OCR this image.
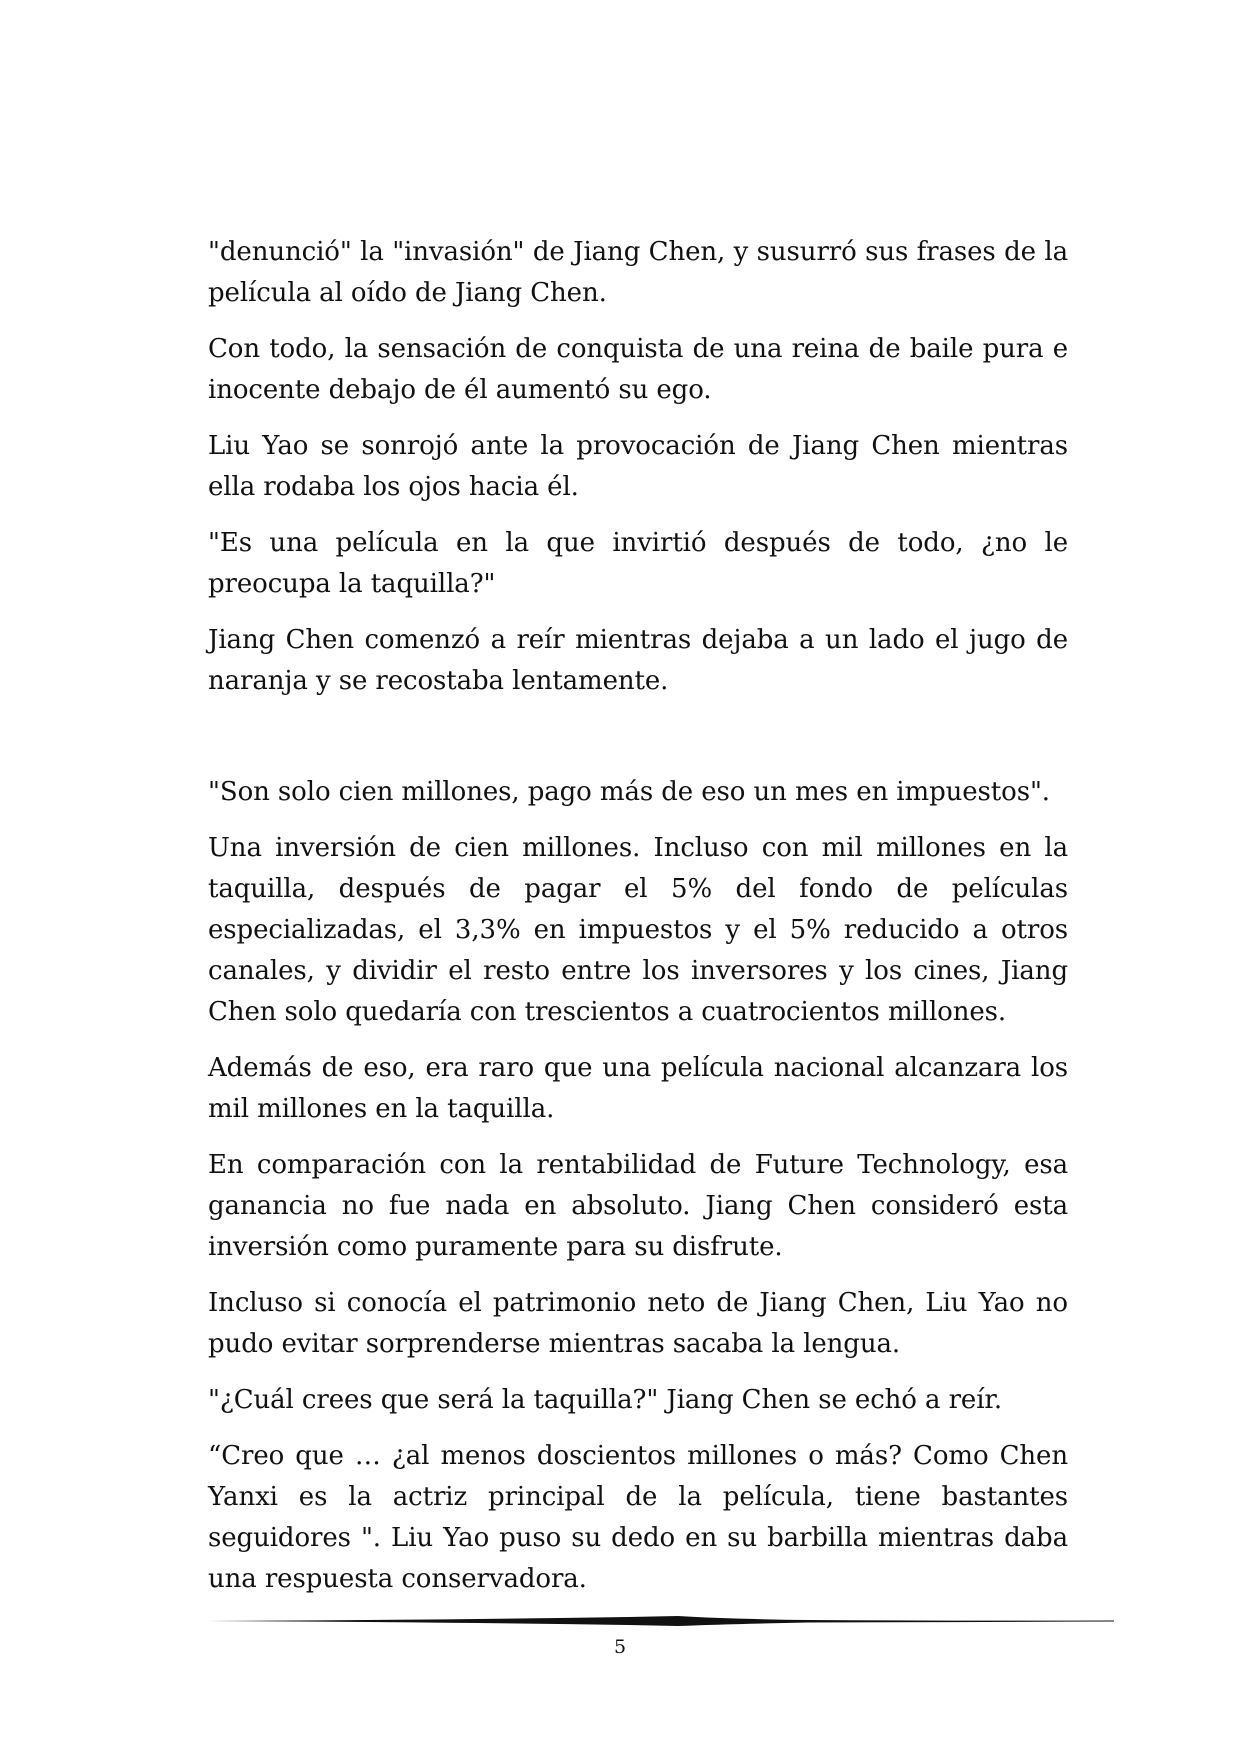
"denunció" la "invasión" de Jiang Chen, y susurró sus frases de la película al oído de Jiang Chen.

Con todo, la sensación de conquista de una reina de baile pura e inocente debajo de él aumentó su ego.

Liu Yao se sonrojó ante la provocación de Jiang Chen mientras ella rodaba los ojos hacia él.

"Es una película en la que invirtió después de todo, ¿no le preocupa la taquilla?"

Jiang Chen comenzó a reír mientras dejaba a un lado el jugo de naranja y se recostaba lentamente.

"Son solo cien millones, pago más de eso un mes en impuestos".

Una inversión de cien millones. Incluso con mil millones en la taquilla, después de pagar el 5% del fondo de películas especializadas, el 3,3% en impuestos y el 5% reducido a otros canales, y dividir el resto entre los inversores y los cines, Jiang Chen solo quedaría con trescientos a cuatrocientos millones.

Además de eso, era raro que una película nacional alcanzara los mil millones en la taquilla.

En comparación con la rentabilidad de Future Technology, esa ganancia no fue nada en absoluto. Jiang Chen consideró esta inversión como puramente para su disfrute.

Incluso si conocía el patrimonio neto de Jiang Chen, Liu Yao no pudo evitar sorprenderse mientras sacaba la lengua.

"¿Cuál crees que será la taquilla?" Jiang Chen se echó a reír.

“Creo que … ¿al menos doscientos millones o más? Como Chen Yanxi es la actriz principal de la película, tiene bastantes seguidores ". Liu Yao puso su dedo en su barbilla mientras daba una respuesta conservadora.

5
